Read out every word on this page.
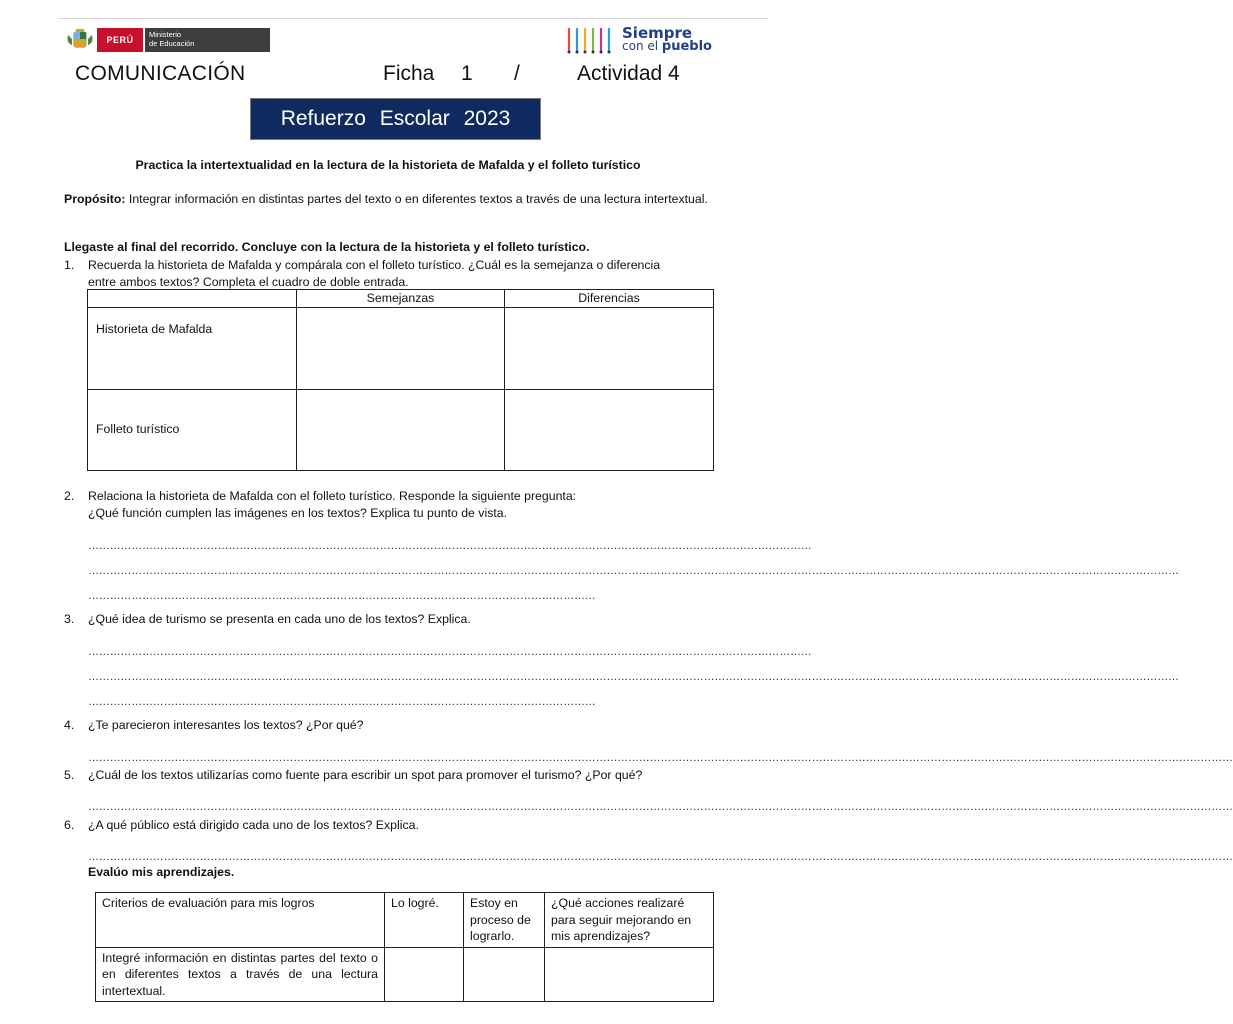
PERÚ
Ministerio
de Educación
Siempre
con el pueblo
COMUNICACIÓN	Ficha 1 /	Actividad 4
Refuerzo Escolar 2023
Practica la intertextualidad en la lectura de la historieta de Mafalda y el folleto turístico
Propósito: Integrar información en distintas partes del texto o en diferentes textos a través de una lectura intertextual.
Llegaste al final del recorrido. Concluye con la lectura de la historieta y el folleto turístico.
1. Recuerda la historieta de Mafalda y compárala con el folleto turístico. ¿Cuál es la semejanza o diferencia
entre ambos textos? Completa el cuadro de doble entrada.
	Semejanzas	Diferencias
Historieta de Mafalda		
Folleto turístico		
2. Relaciona la historieta de Mafalda con el folleto turístico. Responde la siguiente pregunta:
¿Qué función cumplen las imágenes en los textos? Explica tu punto de vista.
…………………………………………………………………………………………………………………………………………………………………………………
……………………………………………………………………………………………………………………………………………………………………………………………………………………………………………………………………………
……………………………………………………………………………………………………………………………
3. ¿Qué idea de turismo se presenta en cada uno de los textos? Explica.
…………………………………………………………………………………………………………………………………………………………………………………
……………………………………………………………………………………………………………………………………………………………………………………………………………………………………………………………………………
……………………………………………………………………………………………………………………………
4. ¿Te parecieron interesantes los textos? ¿Por qué?
…………………………………………………………………………………………………………………………………………………………………………………………………………………………………………………………………………………………
5. ¿Cuál de los textos utilizarías como fuente para escribir un spot para promover el turismo? ¿Por qué?
…………………………………………………………………………………………………………………………………………………………………………………………………………………………………………………………………………………………
6. ¿A qué público está dirigido cada uno de los textos? Explica.
…………………………………………………………………………………………………………………………………………………………………………………………………………………………………………………………………………………………
Evalúo mis aprendizajes.
Criterios de evaluación para mis logros	Lo logré.	Estoy en proceso de lograrlo.	¿Qué acciones realizaré para seguir mejorando en mis aprendizajes?
Integré información en distintas partes del texto o en diferentes textos a través de una lectura intertextual.			
